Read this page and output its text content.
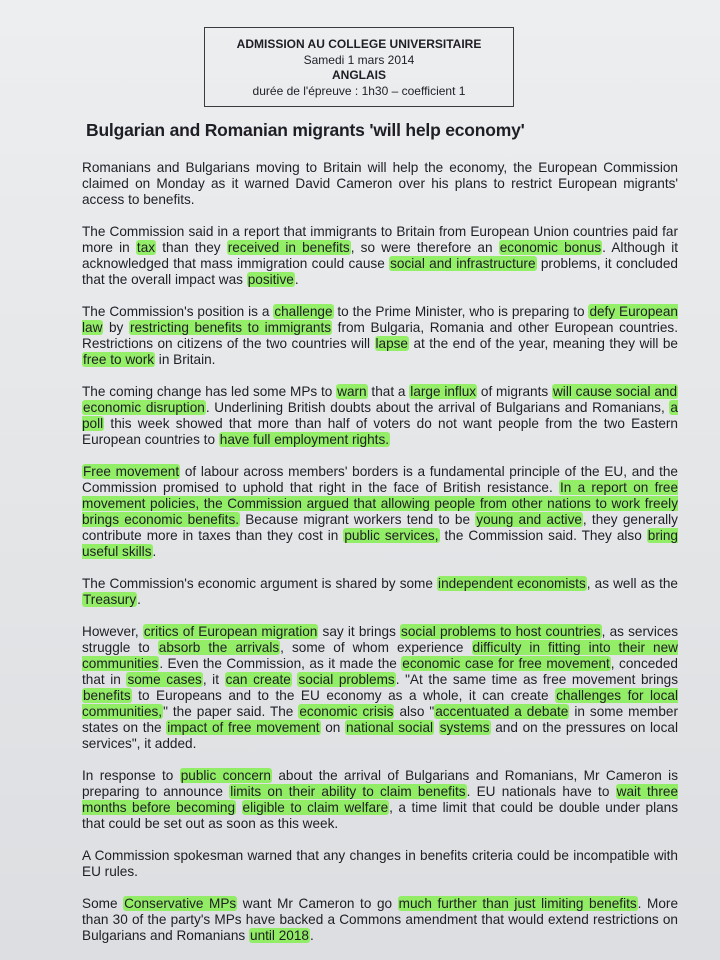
ADMISSION AU COLLEGE UNIVERSITAIRE
Samedi 1 mars 2014
ANGLAIS
durée de l'épreuve : 1h30 – coefficient 1
Bulgarian and Romanian migrants 'will help economy'

Romanians and Bulgarians moving to Britain will help the economy, the European Commission claimed on Monday as it warned David Cameron over his plans to restrict European migrants' access to benefits.

The Commission said in a report that immigrants to Britain from European Union countries paid far more in tax than they received in benefits, so were therefore an economic bonus. Although it acknowledged that mass immigration could cause social and infrastructure problems, it concluded that the overall impact was positive.

The Commission's position is a challenge to the Prime Minister, who is preparing to defy European law by restricting benefits to immigrants from Bulgaria, Romania and other European countries. Restrictions on citizens of the two countries will lapse at the end of the year, meaning they will be free to work in Britain.

The coming change has led some MPs to warn that a large influx of migrants will cause social and economic disruption. Underlining British doubts about the arrival of Bulgarians and Romanians, a poll this week showed that more than half of voters do not want people from the two Eastern European countries to have full employment rights.

Free movement of labour across members' borders is a fundamental principle of the EU, and the Commission promised to uphold that right in the face of British resistance. In a report on free movement policies, the Commission argued that allowing people from other nations to work freely brings economic benefits. Because migrant workers tend to be young and active, they generally contribute more in taxes than they cost in public services, the Commission said. They also bring useful skills.

The Commission's economic argument is shared by some independent economists, as well as the Treasury.

However, critics of European migration say it brings social problems to host countries, as services struggle to absorb the arrivals, some of whom experience difficulty in fitting into their new communities. Even the Commission, as it made the economic case for free movement, conceded that in some cases, it can create social problems. "At the same time as free movement brings benefits to Europeans and to the EU economy as a whole, it can create challenges for local communities," the paper said. The economic crisis also "accentuated a debate in some member states on the impact of free movement on national social systems and on the pressures on local services", it added.

In response to public concern about the arrival of Bulgarians and Romanians, Mr Cameron is preparing to announce limits on their ability to claim benefits. EU nationals have to wait three months before becoming eligible to claim welfare, a time limit that could be double under plans that could be set out as soon as this week.

A Commission spokesman warned that any changes in benefits criteria could be incompatible with EU rules.

Some Conservative MPs want Mr Cameron to go much further than just limiting benefits. More than 30 of the party's MPs have backed a Commons amendment that would extend restrictions on Bulgarians and Romanians until 2018.
